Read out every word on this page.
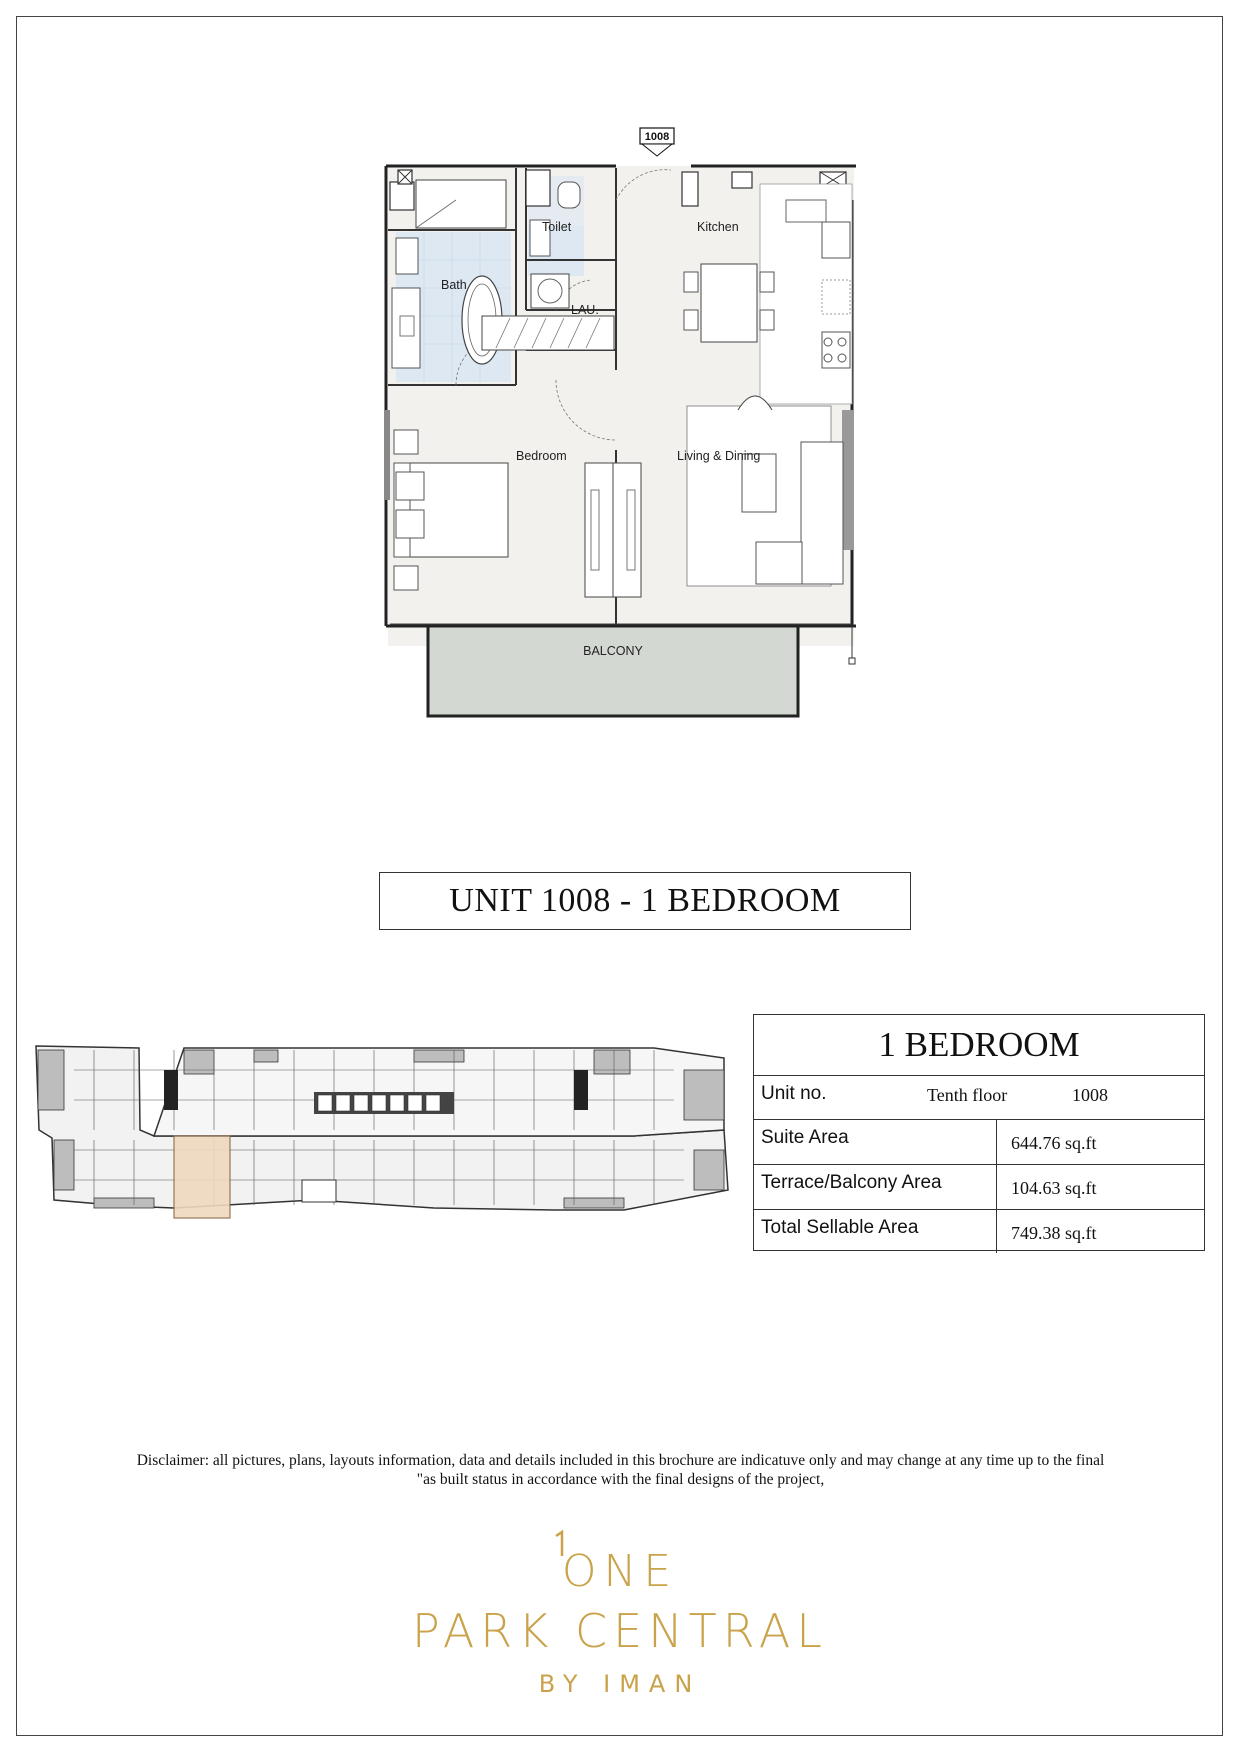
1008
Toilet	Kitchen
Bath
LAU.
Bedroom	Living & Dining
BALCONY
UNIT 1008 - 1 BEDROOM
1 BEDROOM
Unit no.	Tenth floor	1008
Suite Area	644.76 sq.ft
Terrace/Balcony Area	104.63 sq.ft
Total Sellable Area	749.38 sq.ft
Disclaimer: all pictures, plans, layouts information, data and details included in this brochure are indicatuve only and may change at any time up to the final
"as built status in accordance with the final designs of the project,
ONE
PARK CENTRAL
BY IMAN
